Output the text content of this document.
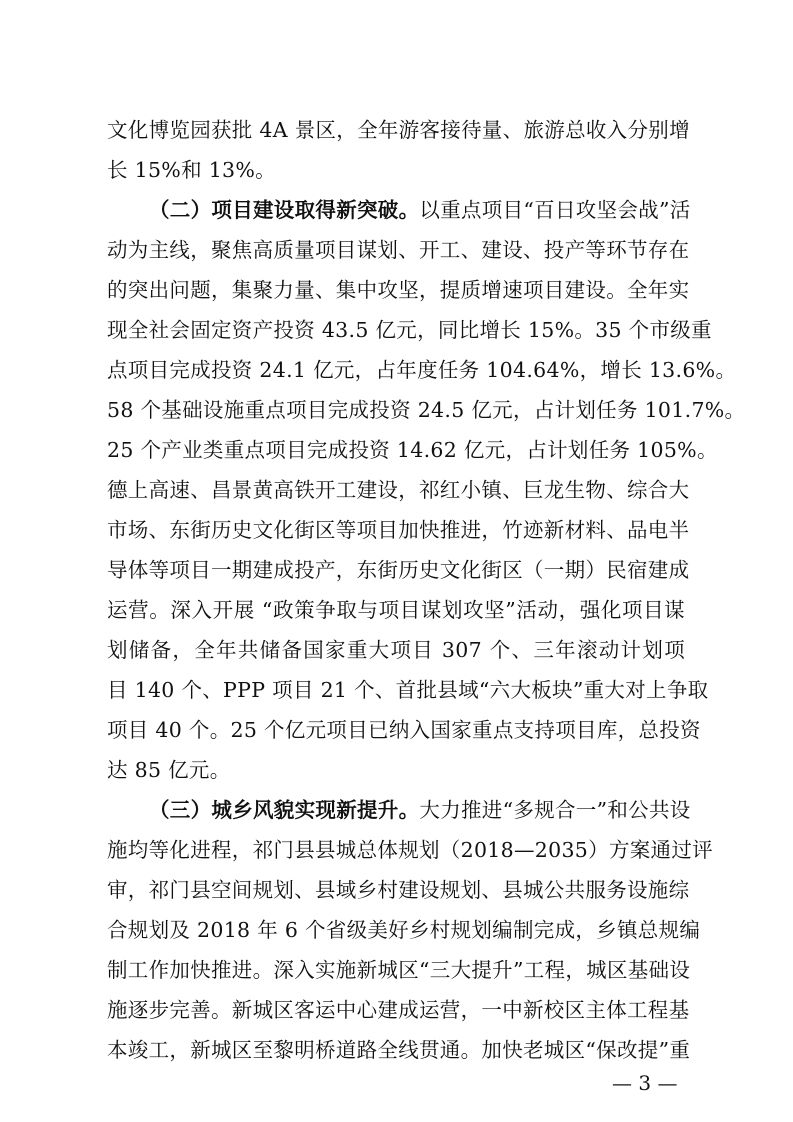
文化博览园获批 4A 景区，全年游客接待量、旅游总收入分别增
长 15%和 13%。
（二）项目建设取得新突破。以重点项目“百日攻坚会战”活
动为主线，聚焦高质量项目谋划、开工、建设、投产等环节存在
的突出问题，集聚力量、集中攻坚，提质增速项目建设。全年实
现全社会固定资产投资 43.5 亿元，同比增长 15%。35 个市级重
点项目完成投资 24.1 亿元，占年度任务 104.64%，增长 13.6%。
58 个基础设施重点项目完成投资 24.5 亿元，占计划任务 101.7%。
25 个产业类重点项目完成投资 14.62 亿元，占计划任务 105%。
德上高速、昌景黄高铁开工建设，祁红小镇、巨龙生物、综合大
市场、东街历史文化街区等项目加快推进，竹迹新材料、品电半
导体等项目一期建成投产，东街历史文化街区（一期）民宿建成
运营。深入开展 “政策争取与项目谋划攻坚”活动，强化项目谋
划储备，全年共储备国家重大项目 307 个、三年滚动计划项
目 140 个、PPP 项目 21 个、首批县域“六大板块”重大对上争取
项目 40 个。25 个亿元项目已纳入国家重点支持项目库，总投资
达 85 亿元。
（三）城乡风貌实现新提升。大力推进“多规合一”和公共设
施均等化进程，祁门县县城总体规划（2018—2035）方案通过评
审，祁门县空间规划、县域乡村建设规划、县城公共服务设施综
合规划及 2018 年 6 个省级美好乡村规划编制完成，乡镇总规编
制工作加快推进。深入实施新城区“三大提升”工程，城区基础设
施逐步完善。新城区客运中心建成运营，一中新校区主体工程基
本竣工，新城区至黎明桥道路全线贯通。加快老城区“保改提”重
— 3 —
